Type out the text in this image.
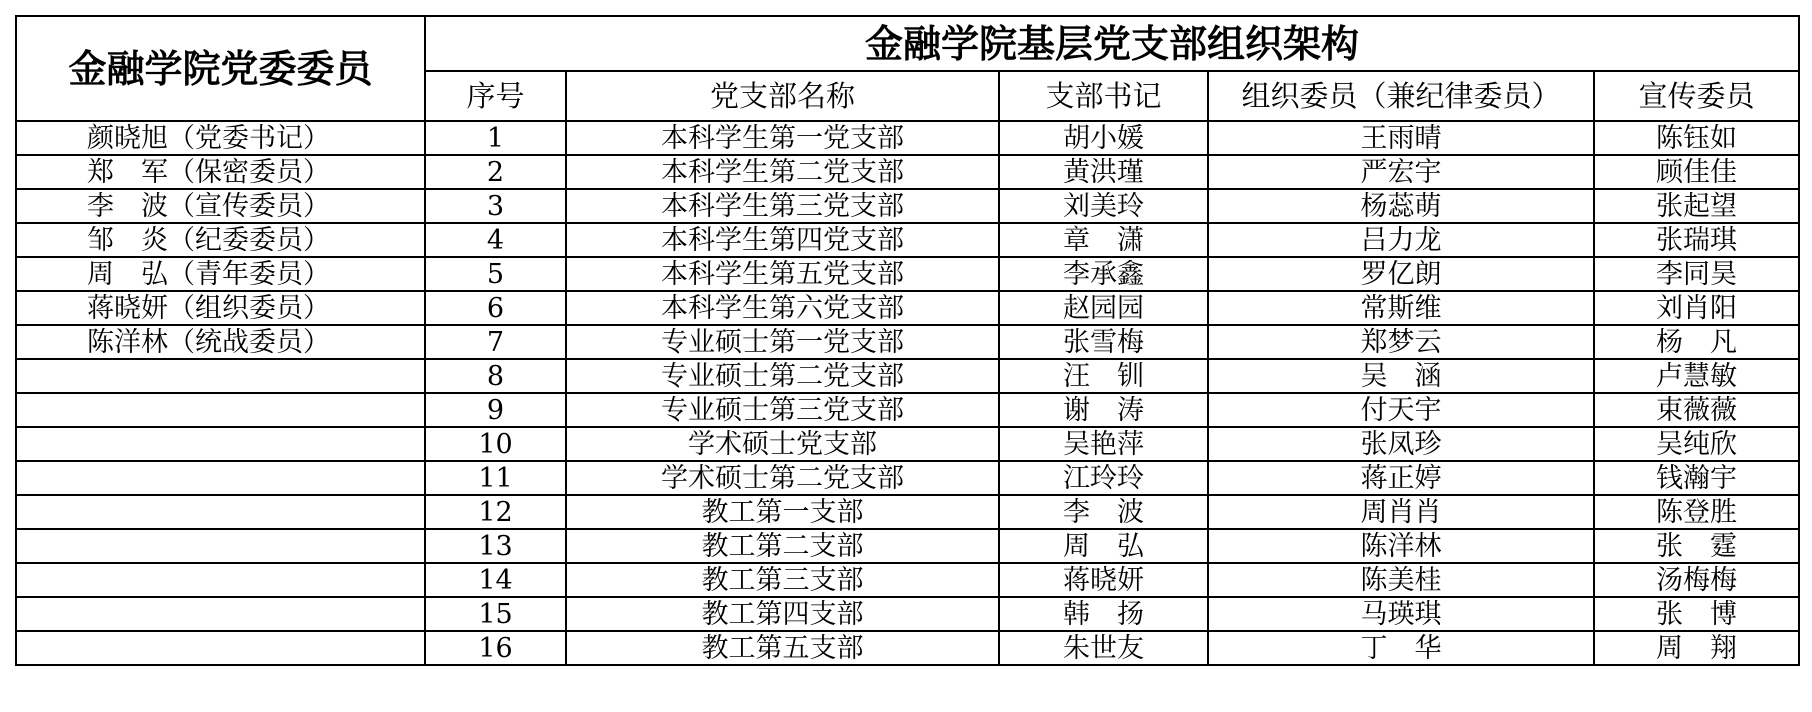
金融学院党委委员	金融学院基层党支部组织架构				
	序号	党支部名称	支部书记	组织委员（兼纪律委员）	宣传委员
颜晓旭（党委书记）	1	本科学生第一党支部	胡小媛	王雨晴	陈钰如
郑　军（保密委员）	2	本科学生第二党支部	黄洪瑾	严宏宇	顾佳佳
李　波（宣传委员）	3	本科学生第三党支部	刘美玲	杨蕊萌	张起望
邹　炎（纪委委员）	4	本科学生第四党支部	章　潇	吕力龙	张瑞琪
周　弘（青年委员）	5	本科学生第五党支部	李承鑫	罗亿朗	李同昊
蒋晓妍（组织委员）	6	本科学生第六党支部	赵园园	常斯维	刘肖阳
陈洋林（统战委员）	7	专业硕士第一党支部	张雪梅	郑梦云	杨　凡
	8	专业硕士第二党支部	汪　钏	吴　涵	卢慧敏
	9	专业硕士第三党支部	谢　涛	付天宇	束薇薇
	10	学术硕士党支部	吴艳萍	张凤珍	吴纯欣
	11	学术硕士第二党支部	江玲玲	蒋正婷	钱瀚宇
	12	教工第一支部	李　波	周肖肖	陈登胜
	13	教工第二支部	周　弘	陈洋林	张　霆
	14	教工第三支部	蒋晓妍	陈美桂	汤梅梅
	15	教工第四支部	韩　扬	马瑛琪	张　博
	16	教工第五支部	朱世友	丁　华	周　翔
